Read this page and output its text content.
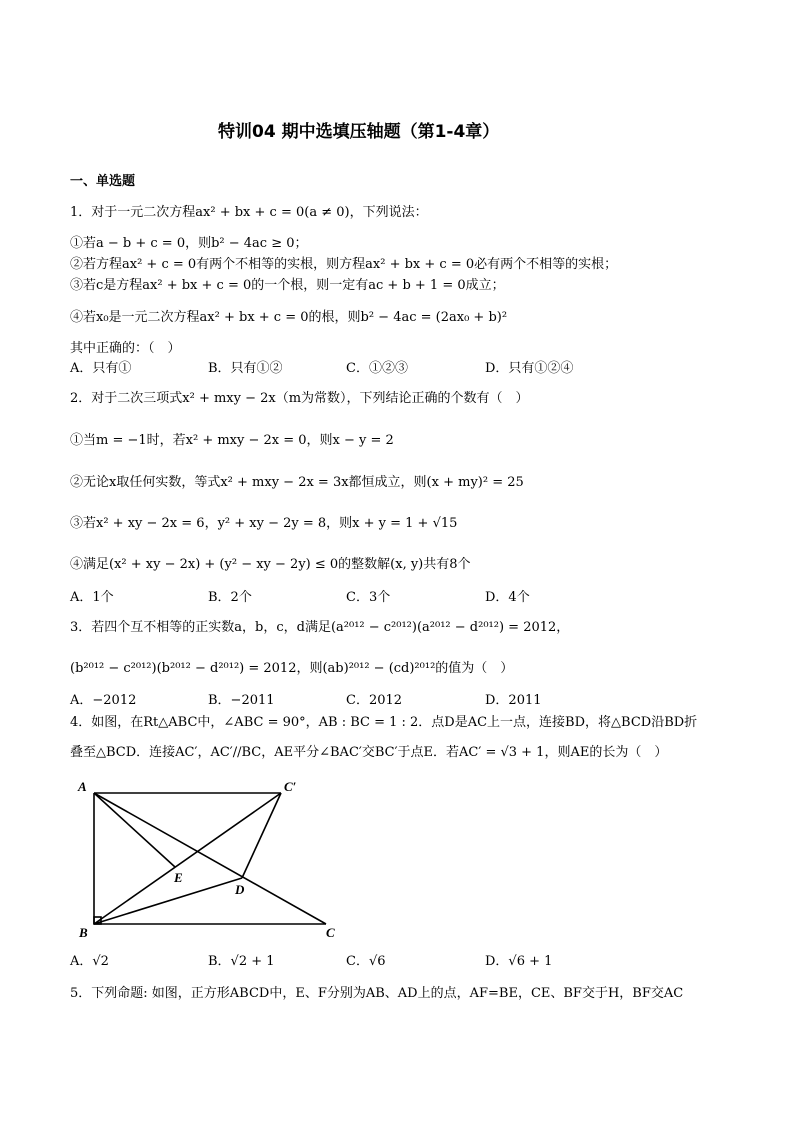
特训04 期中选填压轴题（第1-4章）
一、单选题
1．对于一元二次方程ax² + bx + c = 0(a ≠ 0)，下列说法：
①若a − b + c = 0，则b² − 4ac ≥ 0；
②若方程ax² + c = 0有两个不相等的实根，则方程ax² + bx + c = 0必有两个不相等的实根；
③若c是方程ax² + bx + c = 0的一个根，则一定有ac + b + 1 = 0成立；
④若x₀是一元二次方程ax² + bx + c = 0的根，则b² − 4ac = (2ax₀ + b)²
其中正确的：（　）
A．只有①	B．只有①②	C．①②③	D．只有①②④
2．对于二次三项式x² + mxy − 2x（m为常数），下列结论正确的个数有（　）
①当m = −1时，若x² + mxy − 2x = 0，则x − y = 2
②无论x取任何实数，等式x² + mxy − 2x = 3x都恒成立，则(x + my)² = 25
③若x² + xy − 2x = 6，y² + xy − 2y = 8，则x + y = 1 + √15
④满足(x² + xy − 2x) + (y² − xy − 2y) ≤ 0的整数解(x, y)共有8个
A．1个	B．2个	C．3个	D．4个
3．若四个互不相等的正实数a，b，c，d满足(a²⁰¹² − c²⁰¹²)(a²⁰¹² − d²⁰¹²) = 2012，
(b²⁰¹² − c²⁰¹²)(b²⁰¹² − d²⁰¹²) = 2012，则(ab)²⁰¹² − (cd)²⁰¹²的值为（　）
A．−2012	B．−2011	C．2012	D．2011
4．如图，在Rt△ABC中，∠ABC = 90°，AB : BC = 1 : 2．点D是AC上一点，连接BD，将△BCD沿BD折
叠至△BCD．连接AC′，AC′//BC，AE平分∠BAC′交BC′于点E．若AC′ = √3 + 1，则AE的长为（　）
A	C′
E
D
B	C
A．√2	B．√2 + 1	C．√6	D．√6 + 1
5．下列命题: 如图，正方形ABCD中，E、F分别为AB、AD上的点，AF=BE，CE、BF交于H，BF交AC
